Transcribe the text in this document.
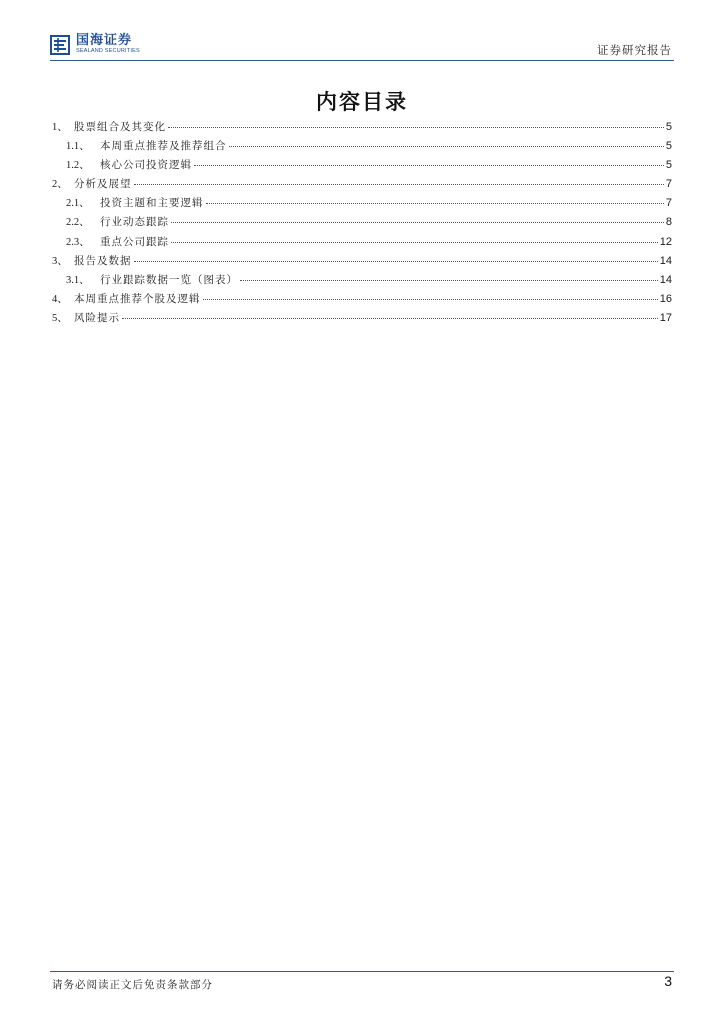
国海证券
SEALAND SECURITIES	证券研究报告
内容目录
1、 股票组合及其变化	5
1.1、 本周重点推荐及推荐组合	5
1.2、 核心公司投资逻辑	5
2、 分析及展望	7
2.1、 投资主题和主要逻辑	7
2.2、 行业动态跟踪	8
2.3、 重点公司跟踪	12
3、 报告及数据	14
3.1、 行业跟踪数据一览（图表）	14
4、 本周重点推荐个股及逻辑	16
5、 风险提示	17
请务必阅读正文后免责条款部分	3
